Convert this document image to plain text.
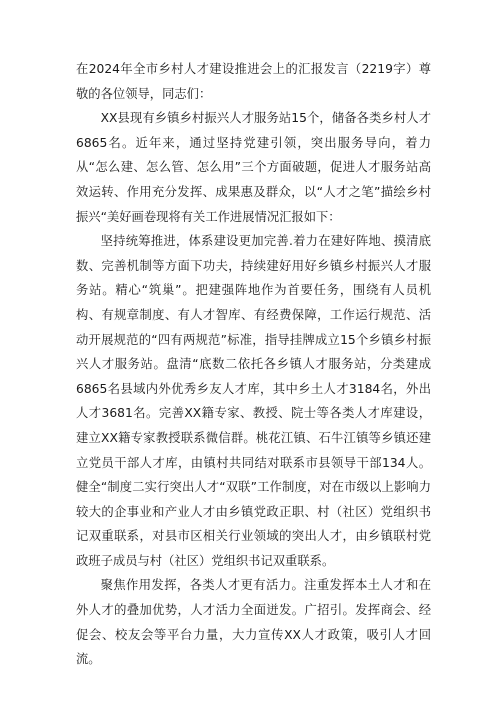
在2024年全市乡村人才建设推进会上的汇报发言（2219字）尊敬的各位领导，同志们：

XX县现有乡镇乡村振兴人才服务站15个，储备各类乡村人才6865名。近年来，通过坚持党建引领，突出服务导向，着力从“怎么建、怎么管、怎么用”三个方面破题，促进人才服务站高效运转、作用充分发挥、成果惠及群众，以“人才之笔”描绘乡村振兴“美好画卷现将有关工作进展情况汇报如下：

坚持统筹推进，体系建设更加完善.着力在建好阵地、摸清底数、完善机制等方面下功夫，持续建好用好乡镇乡村振兴人才服务站。精心“筑巢”。把建强阵地作为首要任务，围绕有人员机构、有规章制度、有人才智库、有经费保障，工作运行规范、活动开展规范的“四有两规范”标准，指导挂牌成立15个乡镇乡村振兴人才服务站。盘清“底数二依托各乡镇人才服务站，分类建成6865名县域内外优秀乡友人才库，其中乡土人才3184名，外出人才3681名。完善XX籍专家、教授、院士等各类人才库建设，建立XX籍专家教授联系微信群。桃花江镇、石牛江镇等乡镇还建立党员干部人才库，由镇村共同结对联系市县领导干部134人。健全“制度二实行突出人才“双联”工作制度，对在市级以上影响力较大的企事业和产业人才由乡镇党政正职、村（社区）党组织书记双重联系，对县市区相关行业领域的突出人才，由乡镇联村党政班子成员与村（社区）党组织书记双重联系。

聚焦作用发挥，各类人才更有活力。注重发挥本土人才和在外人才的叠加优势，人才活力全面迸发。广招引。发挥商会、经促会、校友会等平台力量，大力宣传XX人才政策，吸引人才回流。
